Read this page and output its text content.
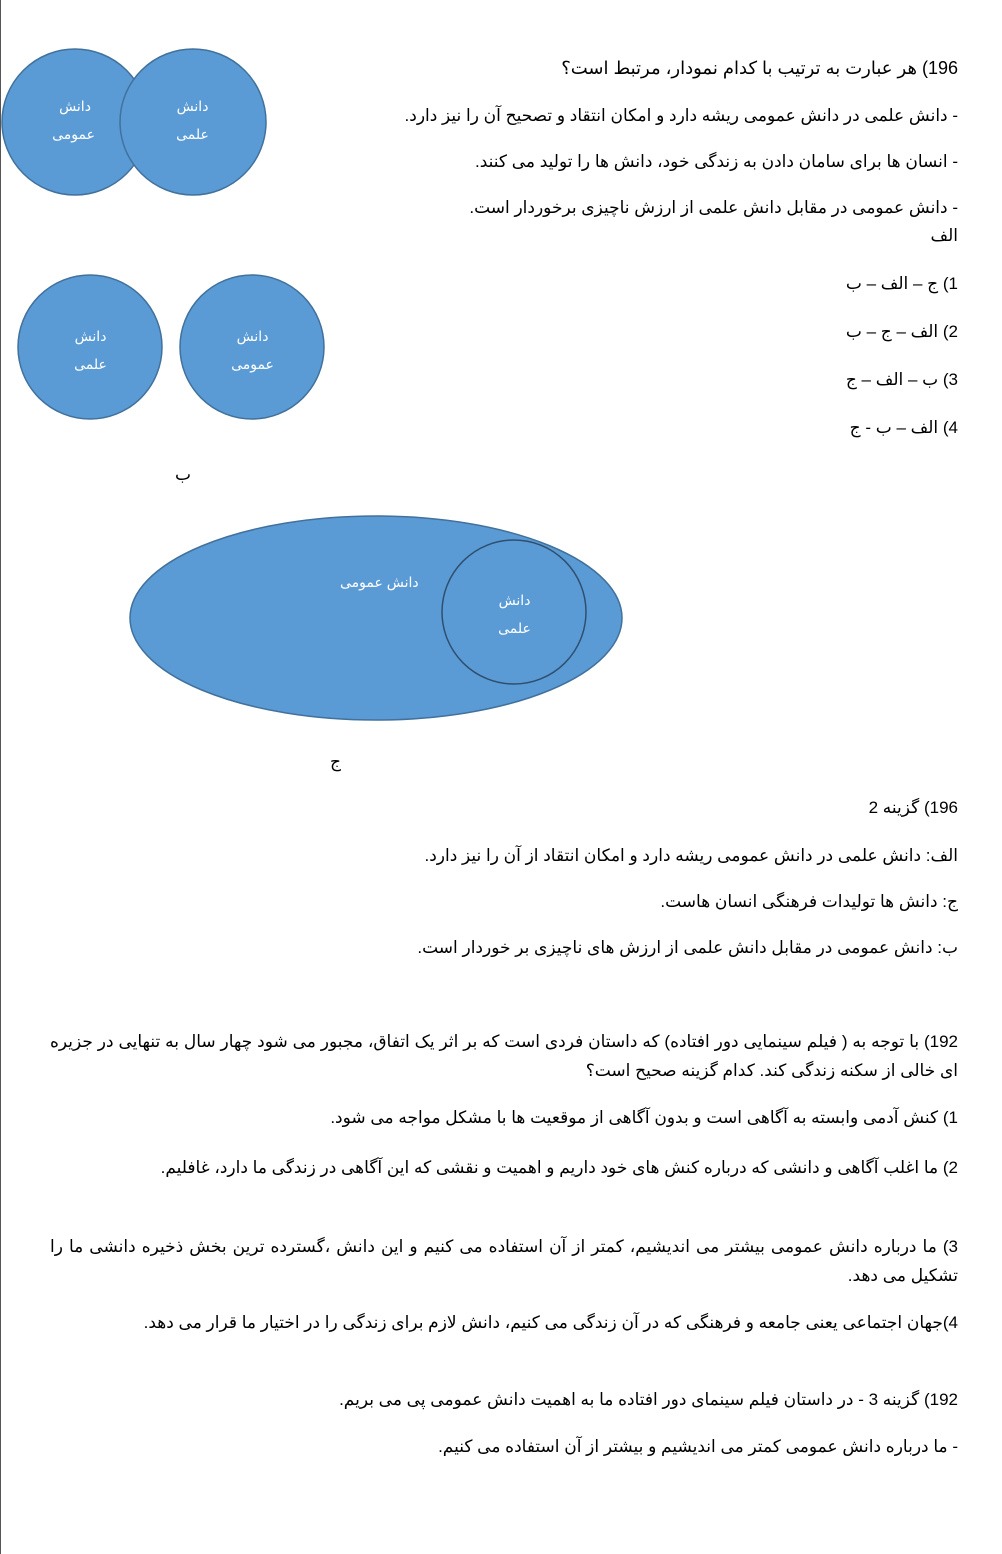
دانش
عمومی
دانش
علمی
دانش
علمی
دانش
عمومی
ب
دانش عمومی
دانش
علمی
ج
196) هر عبارت به ترتیب با کدام نمودار، مرتبط است؟
- دانش علمی در دانش عمومی ریشه دارد و امکان انتقاد و تصحیح آن را نیز دارد.
- انسان ها برای سامان دادن به زندگی خود، دانش ها را تولید می کنند.
- دانش عمومی در مقابل دانش علمی از ارزش ناچیزی برخوردار است.
الف
1) ج – الف – ب
2) الف – ج – ب
3) ب – الف – ج
4) الف – ب - ج
196) گزینه 2
الف: دانش علمی در دانش عمومی ریشه دارد و امکان انتقاد از آن را نیز دارد.
ج: دانش ها تولیدات فرهنگی انسان هاست.
ب: دانش عمومی در مقابل دانش علمی از ارزش های ناچیزی بر خوردار است.
192) با توجه به ( فیلم سینمایی دور افتاده) که داستان فردی است که بر اثر یک اتفاق، مجبور می شود چهار سال به تنهایی در جزیره ای خالی از سکنه زندگی کند. کدام گزینه صحیح است؟
1) کنش آدمی وابسته به آگاهی است و بدون آگاهی از موقعیت ها با مشکل مواجه می شود.
2) ما اغلب آگاهی و دانشی که درباره کنش های خود داریم و اهمیت و نقشی که این آگاهی در زندگی ما دارد، غافلیم.
3) ما درباره دانش عمومی بیشتر می اندیشیم، کمتر از آن استفاده می کنیم و این دانش ،گسترده ترین بخش ذخیره دانشی ما را تشکیل می دهد.
4)جهان اجتماعی یعنی جامعه و فرهنگی که در آن زندگی می کنیم، دانش لازم برای زندگی را در اختیار ما قرار می دهد.
192) گزینه 3 - در داستان فیلم سینمای دور افتاده ما به اهمیت دانش عمومی پی می بریم.
- ما درباره دانش عمومی کمتر می اندیشیم و بیشتر از آن استفاده می کنیم.
